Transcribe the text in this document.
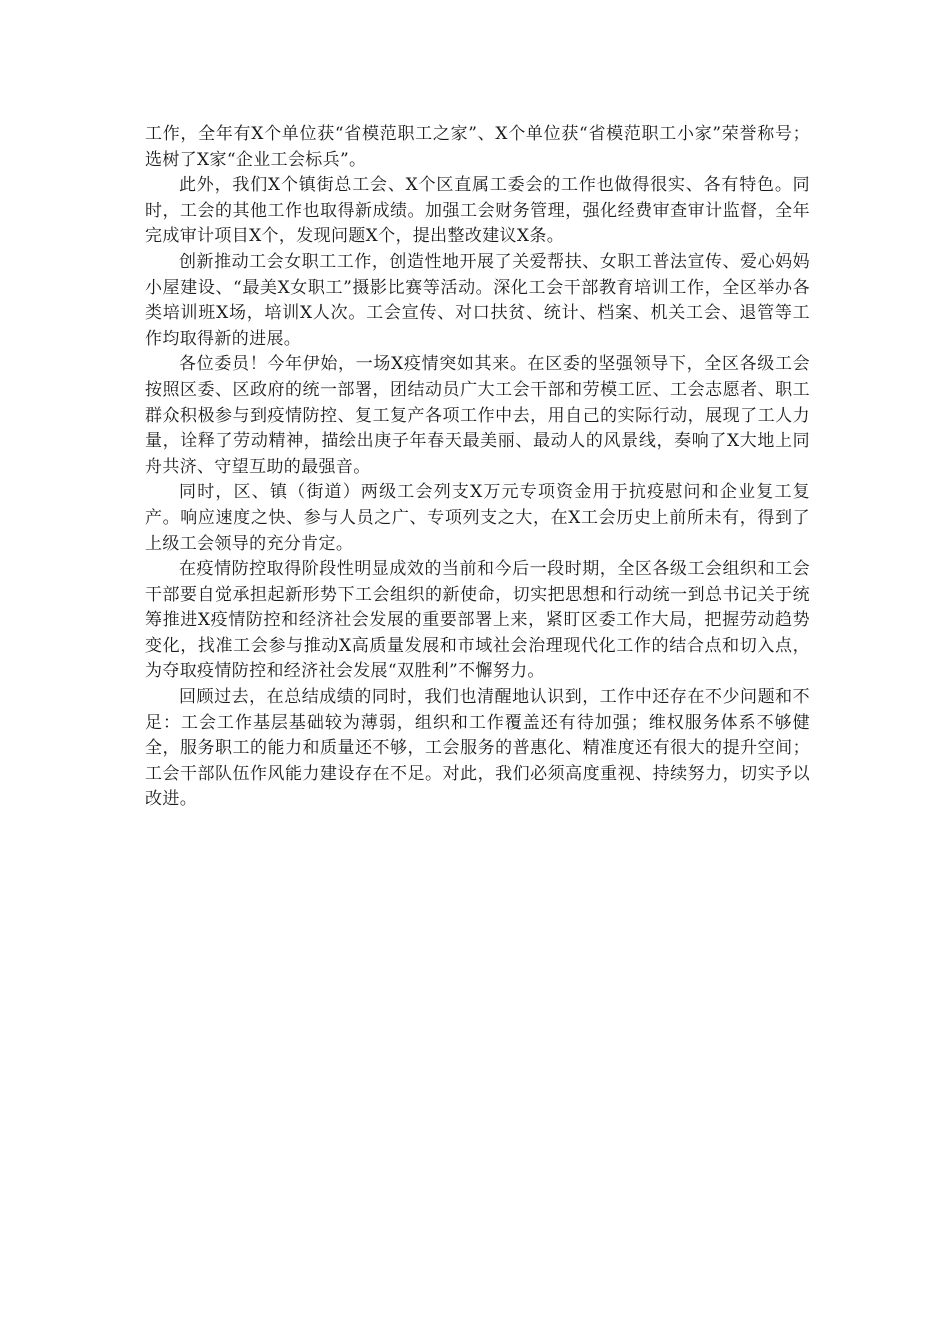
工作，全年有X个单位获“省模范职工之家”、X个单位获“省模范职工小家”荣誉称号；选树了X家“企业工会标兵”。

此外，我们X个镇街总工会、X个区直属工委会的工作也做得很实、各有特色。同时，工会的其他工作也取得新成绩。加强工会财务管理，强化经费审查审计监督，全年完成审计项目X个，发现问题X个，提出整改建议X条。

创新推动工会女职工工作，创造性地开展了关爱帮扶、女职工普法宣传、爱心妈妈小屋建设、“最美X女职工”摄影比赛等活动。深化工会干部教育培训工作，全区举办各类培训班X场，培训X人次。工会宣传、对口扶贫、统计、档案、机关工会、退管等工作均取得新的进展。

各位委员！今年伊始，一场X疫情突如其来。在区委的坚强领导下，全区各级工会按照区委、区政府的统一部署，团结动员广大工会干部和劳模工匠、工会志愿者、职工群众积极参与到疫情防控、复工复产各项工作中去，用自己的实际行动，展现了工人力量，诠释了劳动精神，描绘出庚子年春天最美丽、最动人的风景线，奏响了X大地上同舟共济、守望互助的最强音。

同时，区、镇（街道）两级工会列支X万元专项资金用于抗疫慰问和企业复工复产。响应速度之快、参与人员之广、专项列支之大，在X工会历史上前所未有，得到了上级工会领导的充分肯定。

在疫情防控取得阶段性明显成效的当前和今后一段时期，全区各级工会组织和工会干部要自觉承担起新形势下工会组织的新使命，切实把思想和行动统一到总书记关于统筹推进X疫情防控和经济社会发展的重要部署上来，紧盯区委工作大局，把握劳动趋势变化，找准工会参与推动X高质量发展和市域社会治理现代化工作的结合点和切入点，为夺取疫情防控和经济社会发展“双胜利”不懈努力。

回顾过去，在总结成绩的同时，我们也清醒地认识到，工作中还存在不少问题和不足：工会工作基层基础较为薄弱，组织和工作覆盖还有待加强；维权服务体系不够健全，服务职工的能力和质量还不够，工会服务的普惠化、精准度还有很大的提升空间；工会干部队伍作风能力建设存在不足。对此，我们必须高度重视、持续努力，切实予以改进。
